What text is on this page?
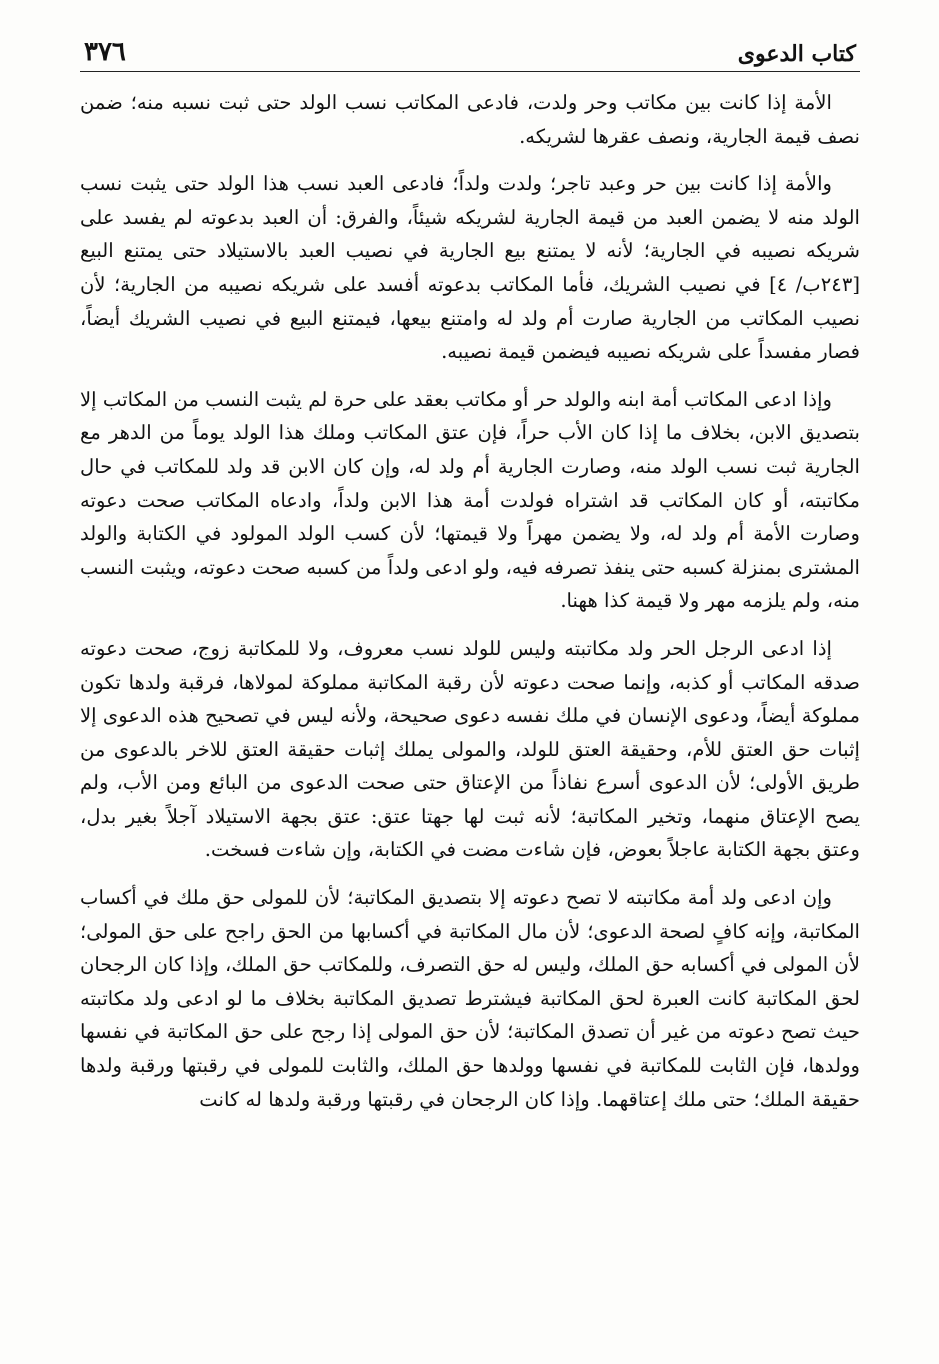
كتاب الدعوى
٣٧٦

الأمة إذا كانت بين مكاتب وحر ولدت، فادعى المكاتب نسب الولد حتى ثبت نسبه منه؛ ضمن نصف قيمة الجارية، ونصف عقرها لشريكه.

والأمة إذا كانت بين حر وعبد تاجر؛ ولدت ولداً؛ فادعى العبد نسب هذا الولد حتى يثبت نسب الولد منه لا يضمن العبد من قيمة الجارية لشريكه شيئاً، والفرق: أن العبد بدعوته لم يفسد على شريكه نصيبه في الجارية؛ لأنه لا يمتنع بيع الجارية في نصيب العبد بالاستيلاد حتى يمتنع البيع [٢٤٣ب/ ٤] في نصيب الشريك، فأما المكاتب بدعوته أفسد على شريكه نصيبه من الجارية؛ لأن نصيب المكاتب من الجارية صارت أم ولد له وامتنع بيعها، فيمتنع البيع في نصيب الشريك أيضاً، فصار مفسداً على شريكه نصيبه فيضمن قيمة نصيبه.

وإذا ادعى المكاتب أمة ابنه والولد حر أو مكاتب بعقد على حرة لم يثبت النسب من المكاتب إلا بتصديق الابن، بخلاف ما إذا كان الأب حراً، فإن عتق المكاتب وملك هذا الولد يوماً من الدهر مع الجارية ثبت نسب الولد منه، وصارت الجارية أم ولد له، وإن كان الابن قد ولد للمكاتب في حال مكاتبته، أو كان المكاتب قد اشتراه فولدت أمة هذا الابن ولداً، وادعاه المكاتب صحت دعوته وصارت الأمة أم ولد له، ولا يضمن مهراً ولا قيمتها؛ لأن كسب الولد المولود في الكتابة والولد المشترى بمنزلة كسبه حتى ينفذ تصرفه فيه، ولو ادعى ولداً من كسبه صحت دعوته، ويثبت النسب منه، ولم يلزمه مهر ولا قيمة كذا ههنا.

إذا ادعى الرجل الحر ولد مكاتبته وليس للولد نسب معروف، ولا للمكاتبة زوج، صحت دعوته صدقه المكاتب أو كذبه، وإنما صحت دعوته لأن رقبة المكاتبة مملوكة لمولاها، فرقبة ولدها تكون مملوكة أيضاً، ودعوى الإنسان في ملك نفسه دعوى صحيحة، ولأنه ليس في تصحيح هذه الدعوى إلا إثبات حق العتق للأم، وحقيقة العتق للولد، والمولى يملك إثبات حقيقة العتق للاخر بالدعوى من طريق الأولى؛ لأن الدعوى أسرع نفاذاً من الإعتاق حتى صحت الدعوى من البائع ومن الأب، ولم يصح الإعتاق منهما، وتخير المكاتبة؛ لأنه ثبت لها جهتا عتق: عتق بجهة الاستيلاد آجلاً بغير بدل، وعتق بجهة الكتابة عاجلاً بعوض، فإن شاءت مضت في الكتابة، وإن شاءت فسخت.

وإن ادعى ولد أمة مكاتبته لا تصح دعوته إلا بتصديق المكاتبة؛ لأن للمولى حق ملك في أكساب المكاتبة، وإنه كافٍ لصحة الدعوى؛ لأن مال المكاتبة في أكسابها من الحق راجح على حق المولى؛ لأن المولى في أكسابه حق الملك، وليس له حق التصرف، وللمكاتب حق الملك، وإذا كان الرجحان لحق المكاتبة كانت العبرة لحق المكاتبة فيشترط تصديق المكاتبة بخلاف ما لو ادعى ولد مكاتبته حيث تصح دعوته من غير أن تصدق المكاتبة؛ لأن حق المولى إذا رجح على حق المكاتبة في نفسها وولدها، فإن الثابت للمكاتبة في نفسها وولدها حق الملك، والثابت للمولى في رقبتها ورقبة ولدها حقيقة الملك؛ حتى ملك إعتاقهما. وإذا كان الرجحان في رقبتها ورقبة ولدها له كانت
